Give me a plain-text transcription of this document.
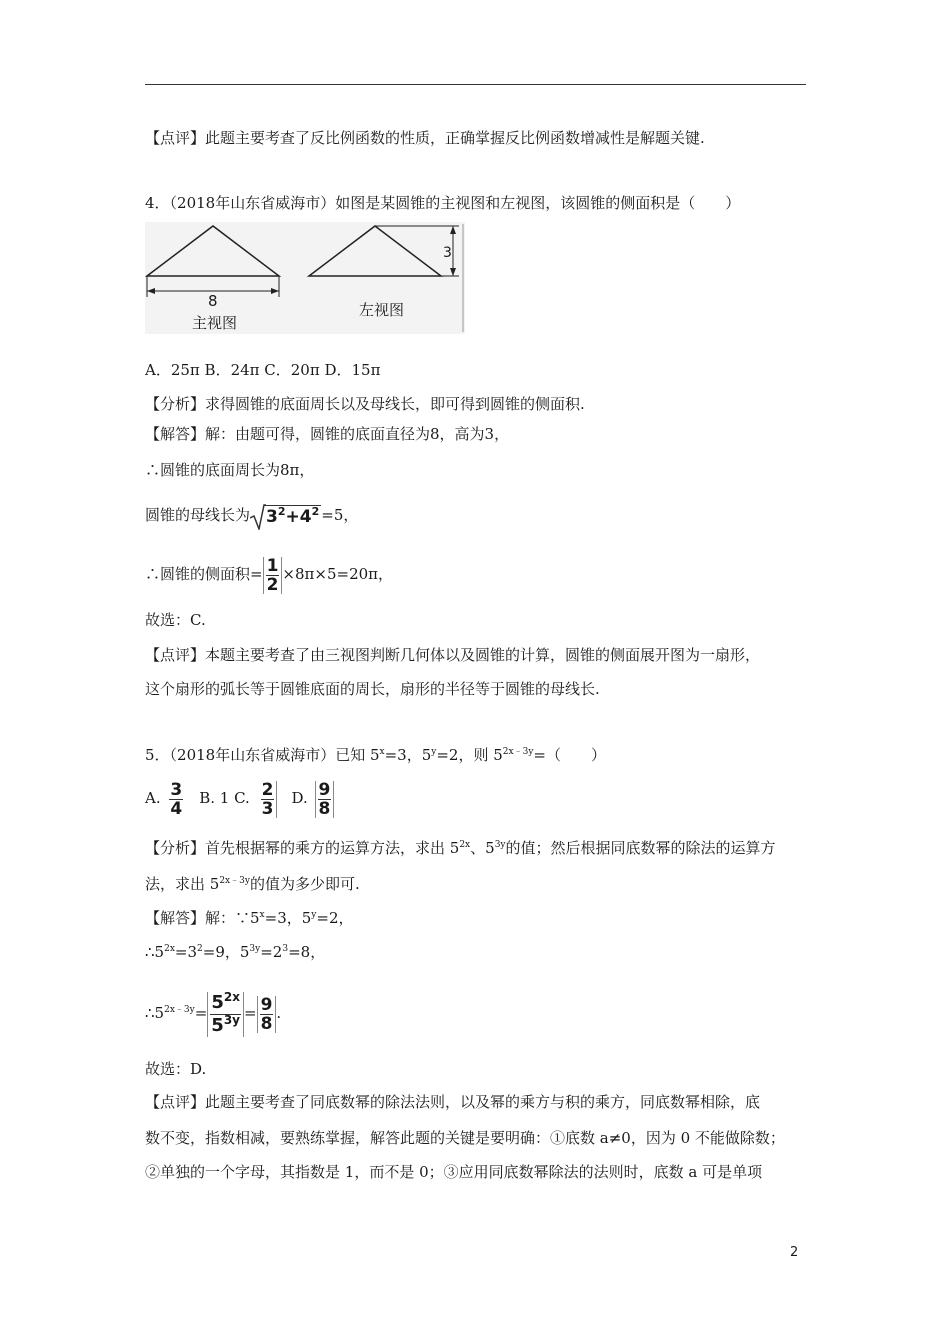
【点评】此题主要考查了反比例函数的性质，正确掌握反比例函数增减性是解题关键.
4．（2018年山东省威海市）如图是某圆锥的主视图和左视图，该圆锥的侧面积是（　　）
8
主视图
3
左视图
A．25π B．24π C．20π D．15π
【分析】求得圆锥的底面周长以及母线长，即可得到圆锥的侧面积.
【解答】解：由题可得，圆锥的底面直径为8，高为3，
∴圆锥的底面周长为8π，
圆锥的母线长为 $3^2+4^2 =5$，
∴圆锥的侧面积= $\frac{1}{2} \times 8\pi\times 5=20\pi$，
故选：C.
【点评】本题主要考查了由三视图判断几何体以及圆锥的计算，圆锥的侧面展开图为一扇形，
这个扇形的弧长等于圆锥底面的周长，扇形的半径等于圆锥的母线长.
5．（2018年山东省威海市）已知 $5^x=3$，$5^y=2$，则 $5^{2x﹣3y}=$（　　）
A. $\frac{3}{4} B$. 1 C. $\frac{2}{3} D$. $\frac{9}{8}$
【分析】首先根据幂的乘方的运算方法，求出 $5^{2x}$、$5^{3y}$的值；然后根据同底数幂的除法的运算方
法，求出 $5^{2x﹣3y}$的值为多少即可.
【解答】解：$\because 5^x=3$，$5^y=2$，
$\therefore 5^{2x}=3^2=9$，$5^{3y}=2^3=8$，
$\therefore 5^{2x﹣3y}= \frac{5^{2x}}{5^{3y}} = \frac{9}{8}$ .
故选：D.
【点评】此题主要考查了同底数幂的除法法则，以及幂的乘方与积的乘方，同底数幂相除，底
数不变，指数相减，要熟练掌握，解答此题的关键是要明确：①底数 a≠0，因为 0 不能做除数；
②单独的一个字母，其指数是 1，而不是 0；③应用同底数幂除法的法则时，底数 a 可是单项
2
